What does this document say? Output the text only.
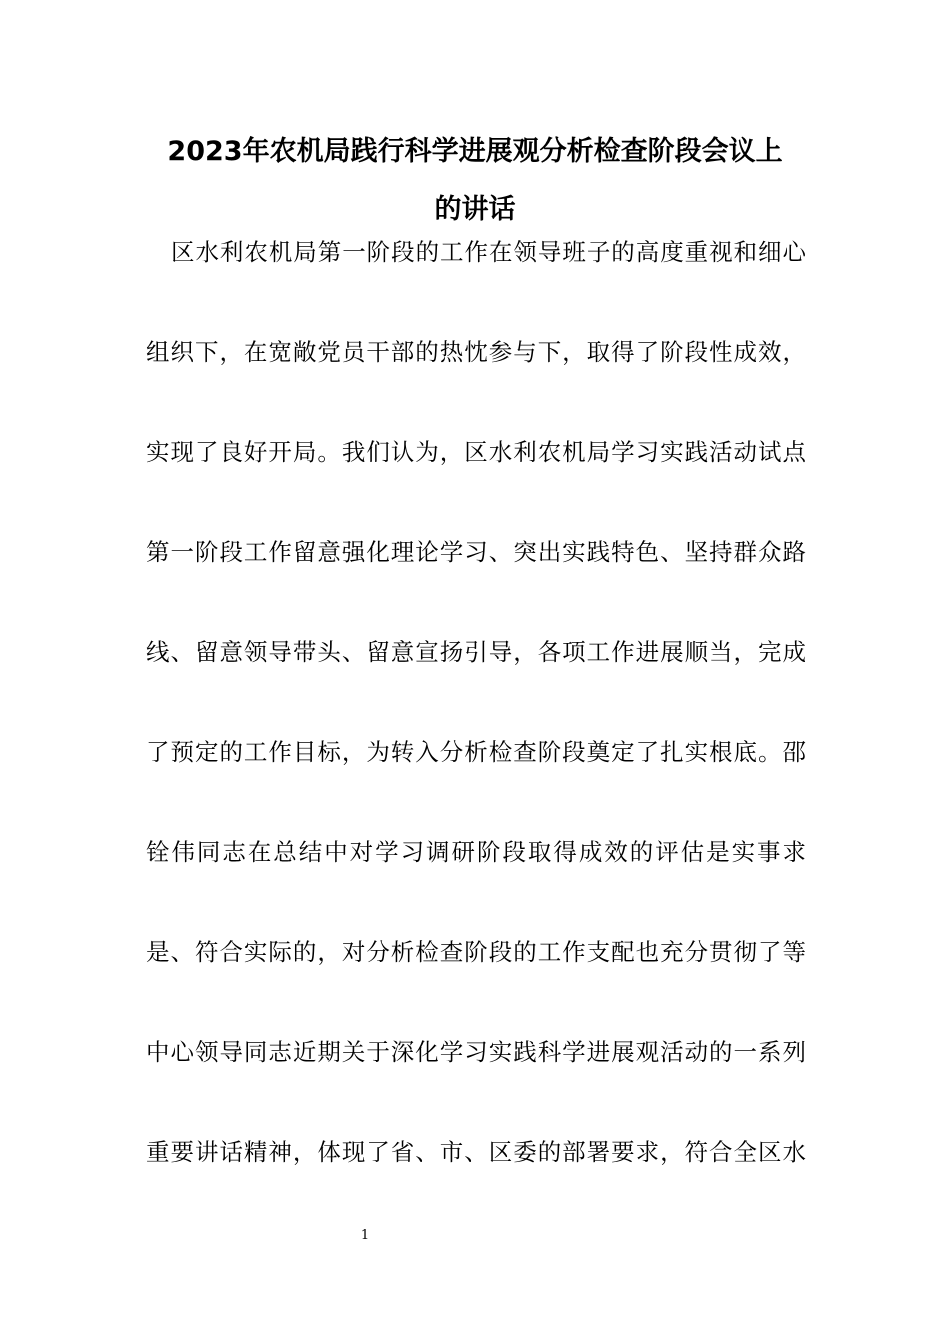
2023年农机局践行科学进展观分析检查阶段会议上
的讲话
区水利农机局第一阶段的工作在领导班子的高度重视和细心
组织下，在宽敞党员干部的热忱参与下，取得了阶段性成效，
实现了良好开局。我们认为，区水利农机局学习实践活动试点
第一阶段工作留意强化理论学习、突出实践特色、坚持群众路
线、留意领导带头、留意宣扬引导，各项工作进展顺当，完成
了预定的工作目标，为转入分析检查阶段奠定了扎实根底。邵
铨伟同志在总结中对学习调研阶段取得成效的评估是实事求
是、符合实际的，对分析检查阶段的工作支配也充分贯彻了等
中心领导同志近期关于深化学习实践科学进展观活动的一系列
重要讲话精神，体现了省、市、区委的部署要求，符合全区水
1
